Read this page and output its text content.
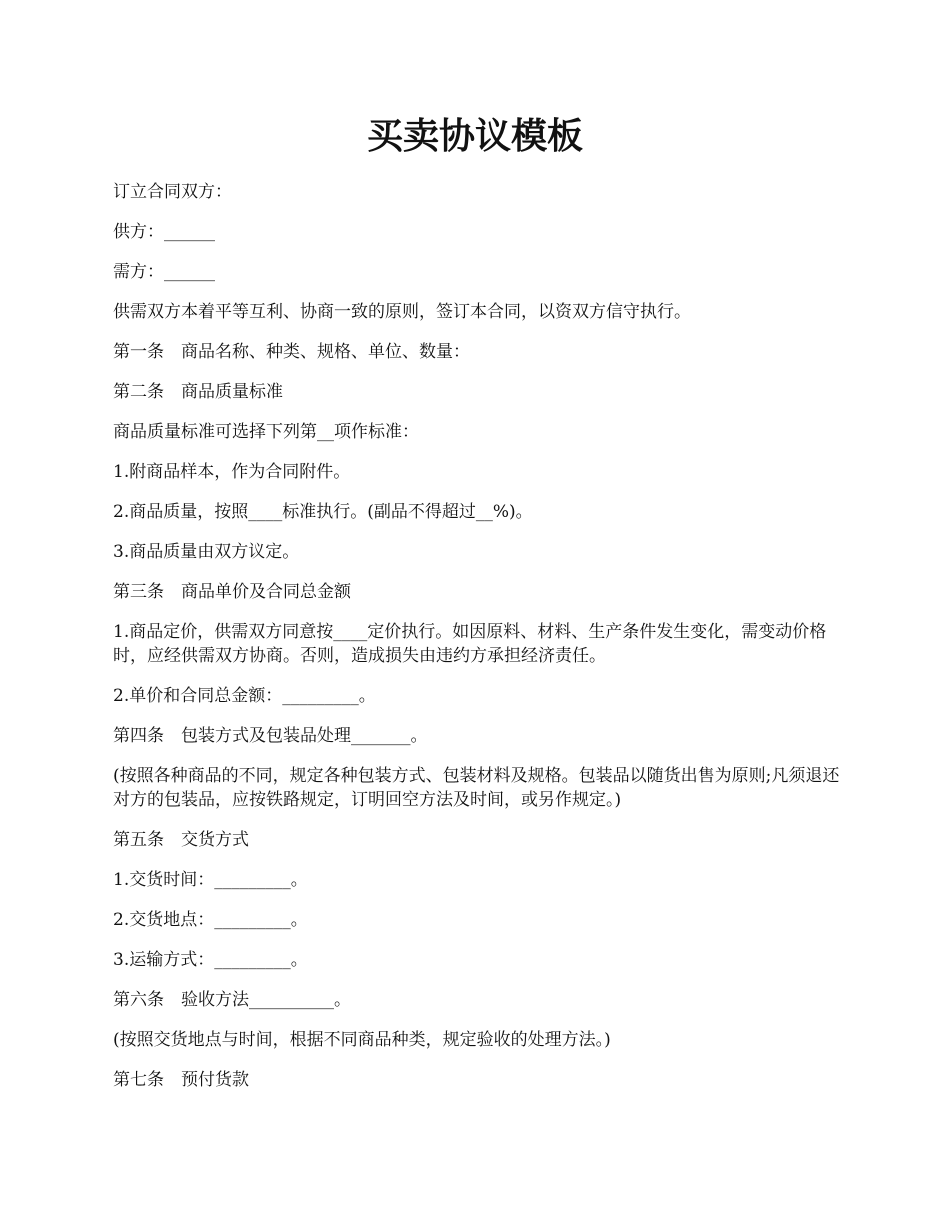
买卖协议模板

订立合同双方：

供方：______

需方：______

供需双方本着平等互利、协商一致的原则，签订本合同，以资双方信守执行。

第一条　商品名称、种类、规格、单位、数量：

第二条　商品质量标准

商品质量标准可选择下列第__项作标准：

1.附商品样本，作为合同附件。

2.商品质量，按照____标准执行。(副品不得超过__%)。

3.商品质量由双方议定。

第三条　商品单价及合同总金额

1.商品定价，供需双方同意按____定价执行。如因原料、材料、生产条件发生变化，需变动价格时，应经供需双方协商。否则，造成损失由违约方承担经济责任。

2.单价和合同总金额：_________。

第四条　包装方式及包装品处理_______。

(按照各种商品的不同，规定各种包装方式、包装材料及规格。包装品以随货出售为原则;凡须退还对方的包装品，应按铁路规定，订明回空方法及时间，或另作规定。)

第五条　交货方式

1.交货时间：_________。

2.交货地点：_________。

3.运输方式：_________。

第六条　验收方法__________。

(按照交货地点与时间，根据不同商品种类，规定验收的处理方法。)

第七条　预付货款
